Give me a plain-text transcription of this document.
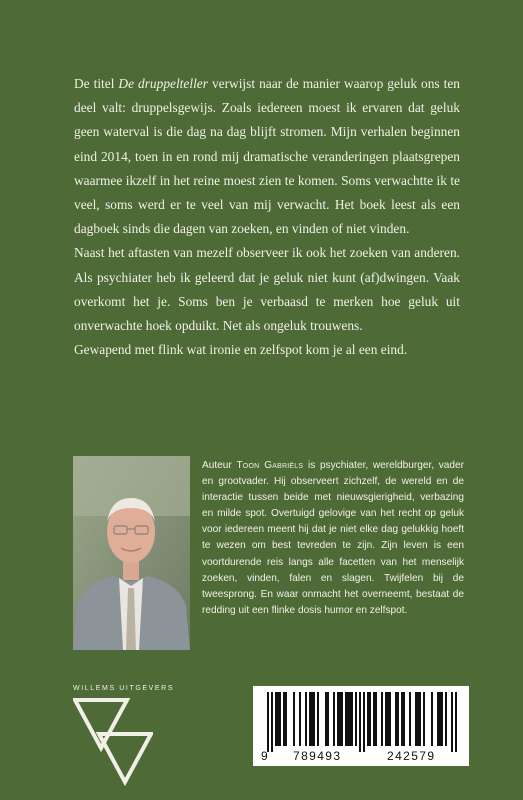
De titel De druppelteller verwijst naar de manier waarop geluk ons ten deel valt: druppelsgewijs. Zoals iedereen moest ik ervaren dat geluk geen waterval is die dag na dag blijft stromen. Mijn verhalen beginnen eind 2014, toen in en rond mij dramatische veranderingen plaatsgrepen waarmee ikzelf in het reine moest zien te komen. Soms verwachtte ik te veel, soms werd er te veel van mij verwacht. Het boek leest als een dagboek sinds die dagen van zoeken, en vinden of niet vinden.

Naast het aftasten van mezelf observeer ik ook het zoeken van anderen. Als psychiater heb ik geleerd dat je geluk niet kunt (af)dwingen. Vaak overkomt het je. Soms ben je verbaasd te merken hoe geluk uit onverwachte hoek opduikt. Net als ongeluk trouwens.

Gewapend met flink wat ironie en zelfspot kom je al een eind.

Auteur Toon Gabriëls is psychiater, wereldburger, vader en grootvader. Hij observeert zichzelf, de wereld en de interactie tussen beide met nieuwsgierigheid, verbazing en milde spot. Overtuigd gelovige van het recht op geluk voor iedereen meent hij dat je niet elke dag gelukkig hoeft te wezen om best tevreden te zijn. Zijn leven is een voortdurende reis langs alle facetten van het menselijk zoeken, vinden, falen en slagen. Twijfelen bij de tweesprong. En waar onmacht het overneemt, bestaat de redding uit een flinke dosis humor en zelfspot.
WILLEMS UITGEVERS
9 789493	242579
